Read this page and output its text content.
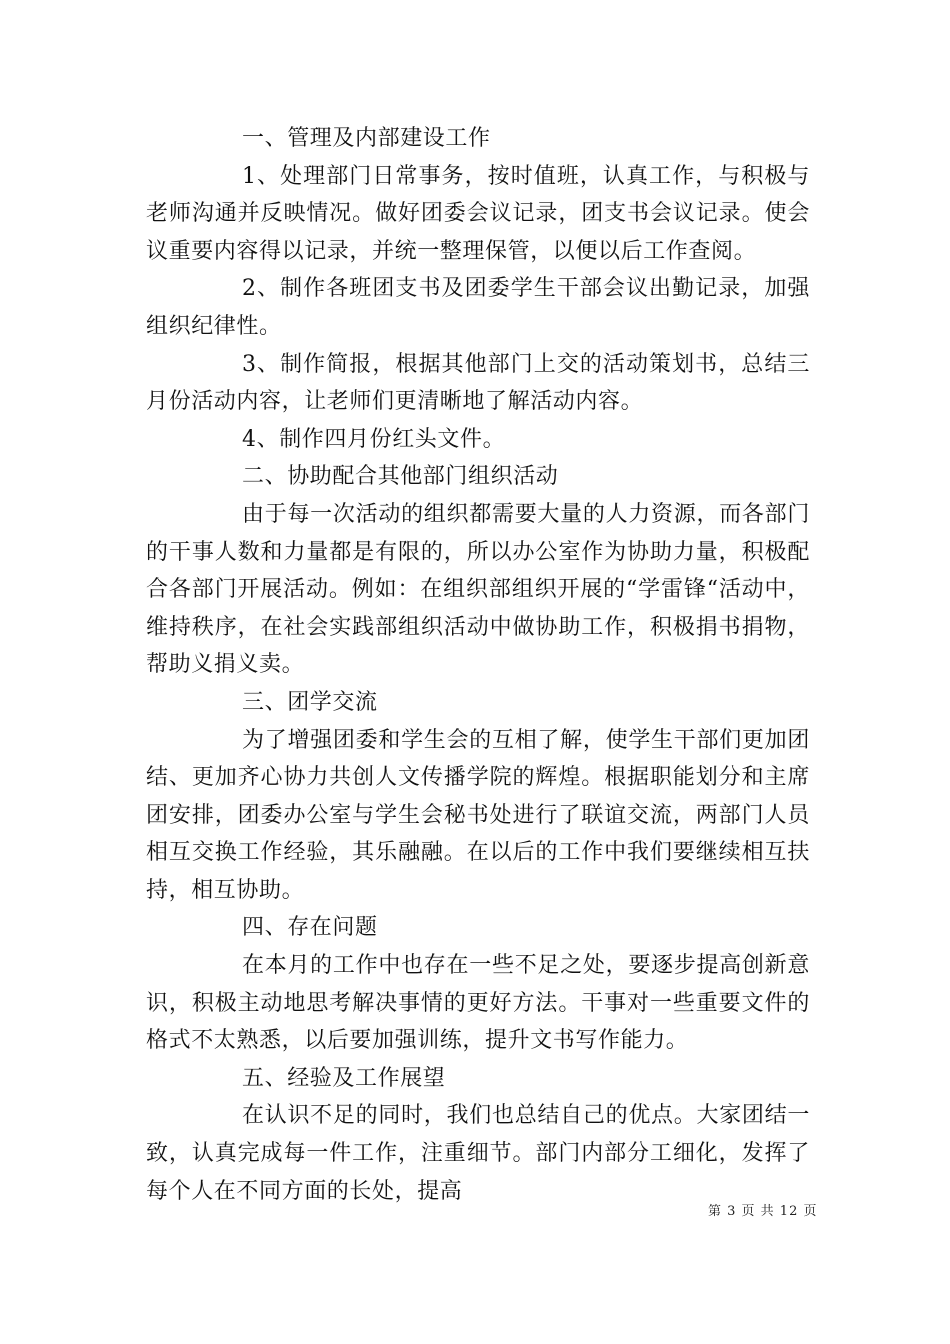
一、管理及内部建设工作

1、处理部门日常事务，按时值班，认真工作，与积极与老师沟通并反映情况。做好团委会议记录，团支书会议记录。使会议重要内容得以记录，并统一整理保管，以便以后工作查阅。

2、制作各班团支书及团委学生干部会议出勤记录，加强组织纪律性。

3、制作简报，根据其他部门上交的活动策划书，总结三月份活动内容，让老师们更清晰地了解活动内容。

4、制作四月份红头文件。

二、协助配合其他部门组织活动

由于每一次活动的组织都需要大量的人力资源，而各部门的干事人数和力量都是有限的，所以办公室作为协助力量，积极配合各部门开展活动。例如：在组织部组织开展的“学雷锋“活动中，维持秩序，在社会实践部组织活动中做协助工作，积极捐书捐物，帮助义捐义卖。

三、团学交流

为了增强团委和学生会的互相了解，使学生干部们更加团结、更加齐心协力共创人文传播学院的辉煌。根据职能划分和主席团安排，团委办公室与学生会秘书处进行了联谊交流，两部门人员相互交换工作经验，其乐融融。在以后的工作中我们要继续相互扶持，相互协助。

四、存在问题

在本月的工作中也存在一些不足之处，要逐步提高创新意识，积极主动地思考解决事情的更好方法。干事对一些重要文件的格式不太熟悉，以后要加强训练，提升文书写作能力。

五、经验及工作展望

在认识不足的同时，我们也总结自己的优点。大家团结一致，认真完成每一件工作，注重细节。部门内部分工细化，发挥了每个人在不同方面的长处，提高

第 3 页 共 12 页
